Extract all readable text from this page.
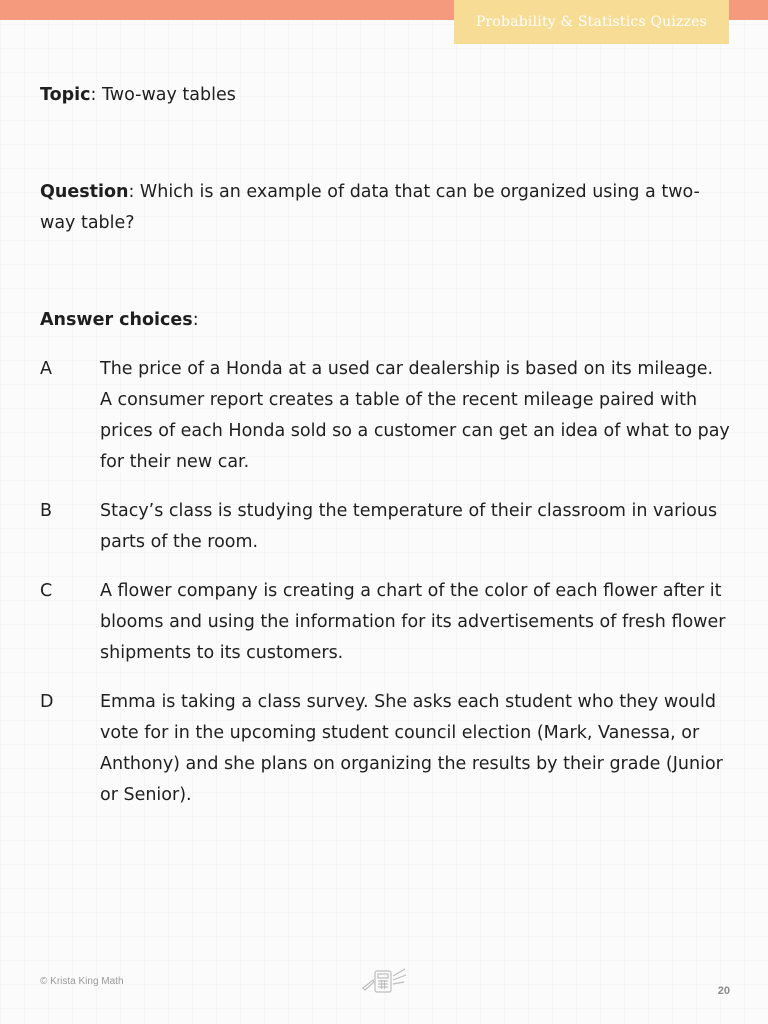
Probability & Statistics Quizzes

Topic: Two-way tables

Question: Which is an example of data that can be organized using a two-way table?

Answer choices:

A	The price of a Honda at a used car dealership is based on its mileage. A consumer report creates a table of the recent mileage paired with prices of each Honda sold so a customer can get an idea of what to pay for their new car.
B	Stacy’s class is studying the temperature of their classroom in various parts of the room.
C	A flower company is creating a chart of the color of each flower after it blooms and using the information for its advertisements of fresh flower shipments to its customers.
D	Emma is taking a class survey. She asks each student who they would vote for in the upcoming student council election (Mark, Vanessa, or Anthony) and she plans on organizing the results by their grade (Junior or Senior).
© Krista King Math
20
